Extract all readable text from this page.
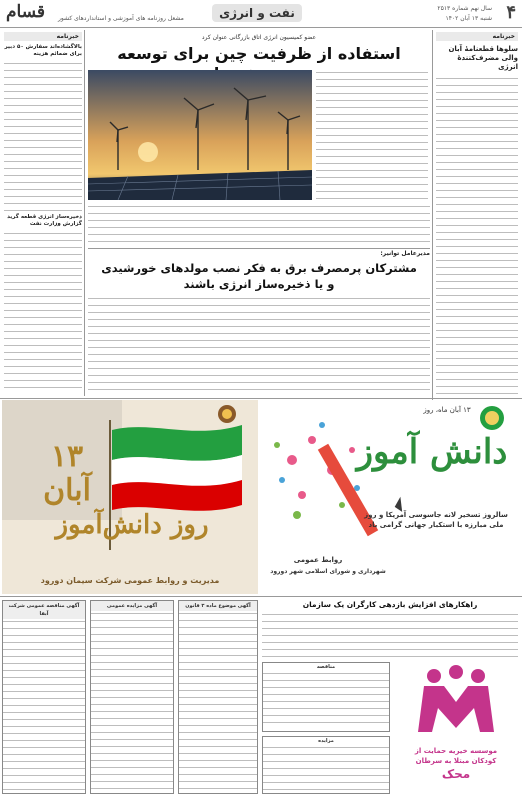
۴
نفت و انرژی	سال نهم شماره ۲۵۱۳
شنبه ۱۳ آبان ۱۴۰۲
مشعل روزنامه های آموزشی و استانداردهای کشور
قسام
خبرنامه
سلوها قطعنامهٔ آبان
والی مضرف‌کنندهٔ انرژی
خبرنامه
بالاگشاده‌اند سفارش ۵۰ دبیر برای ضمائم هزینه
ذخیره‌ساز انرژی قطعه گرید گزارش وزارت نفت
عضو کمیسیون انرژی اتاق بازرگانی عنوان کرد
استفاده از ظرفیت چین برای توسعه
مدیرعامل توانیر:
مشترکان پرمصرف برق به فکر نصب مولدهای خورشیدی و یا ذخیره‌ساز انرژی باشند
۱۳ آبان
روز دانش‌آموز
مدیریت و روابط عمومی شرکت سیمان دورود
۱۳ آبان ماه، روز
دانش آموز
سالروز تسخیر لانه جاسوسی آمریکا و روز ملی مبارزه با استکبار جهانی گرامی باد
روابط عمومی
شهرداری و شورای اسلامی شهر دورود
راهکارهای افزایش بازدهی کارگران یک سازمان
آگهی مناقصه عمومی شرکت آبفا
آگهی مزایده عمومی	آگهی موضوع ماده ۳ قانون
مناقصه
مزایده
موسسه خیریه حمایت از
کودکان مبتلا به سرطان
محک
